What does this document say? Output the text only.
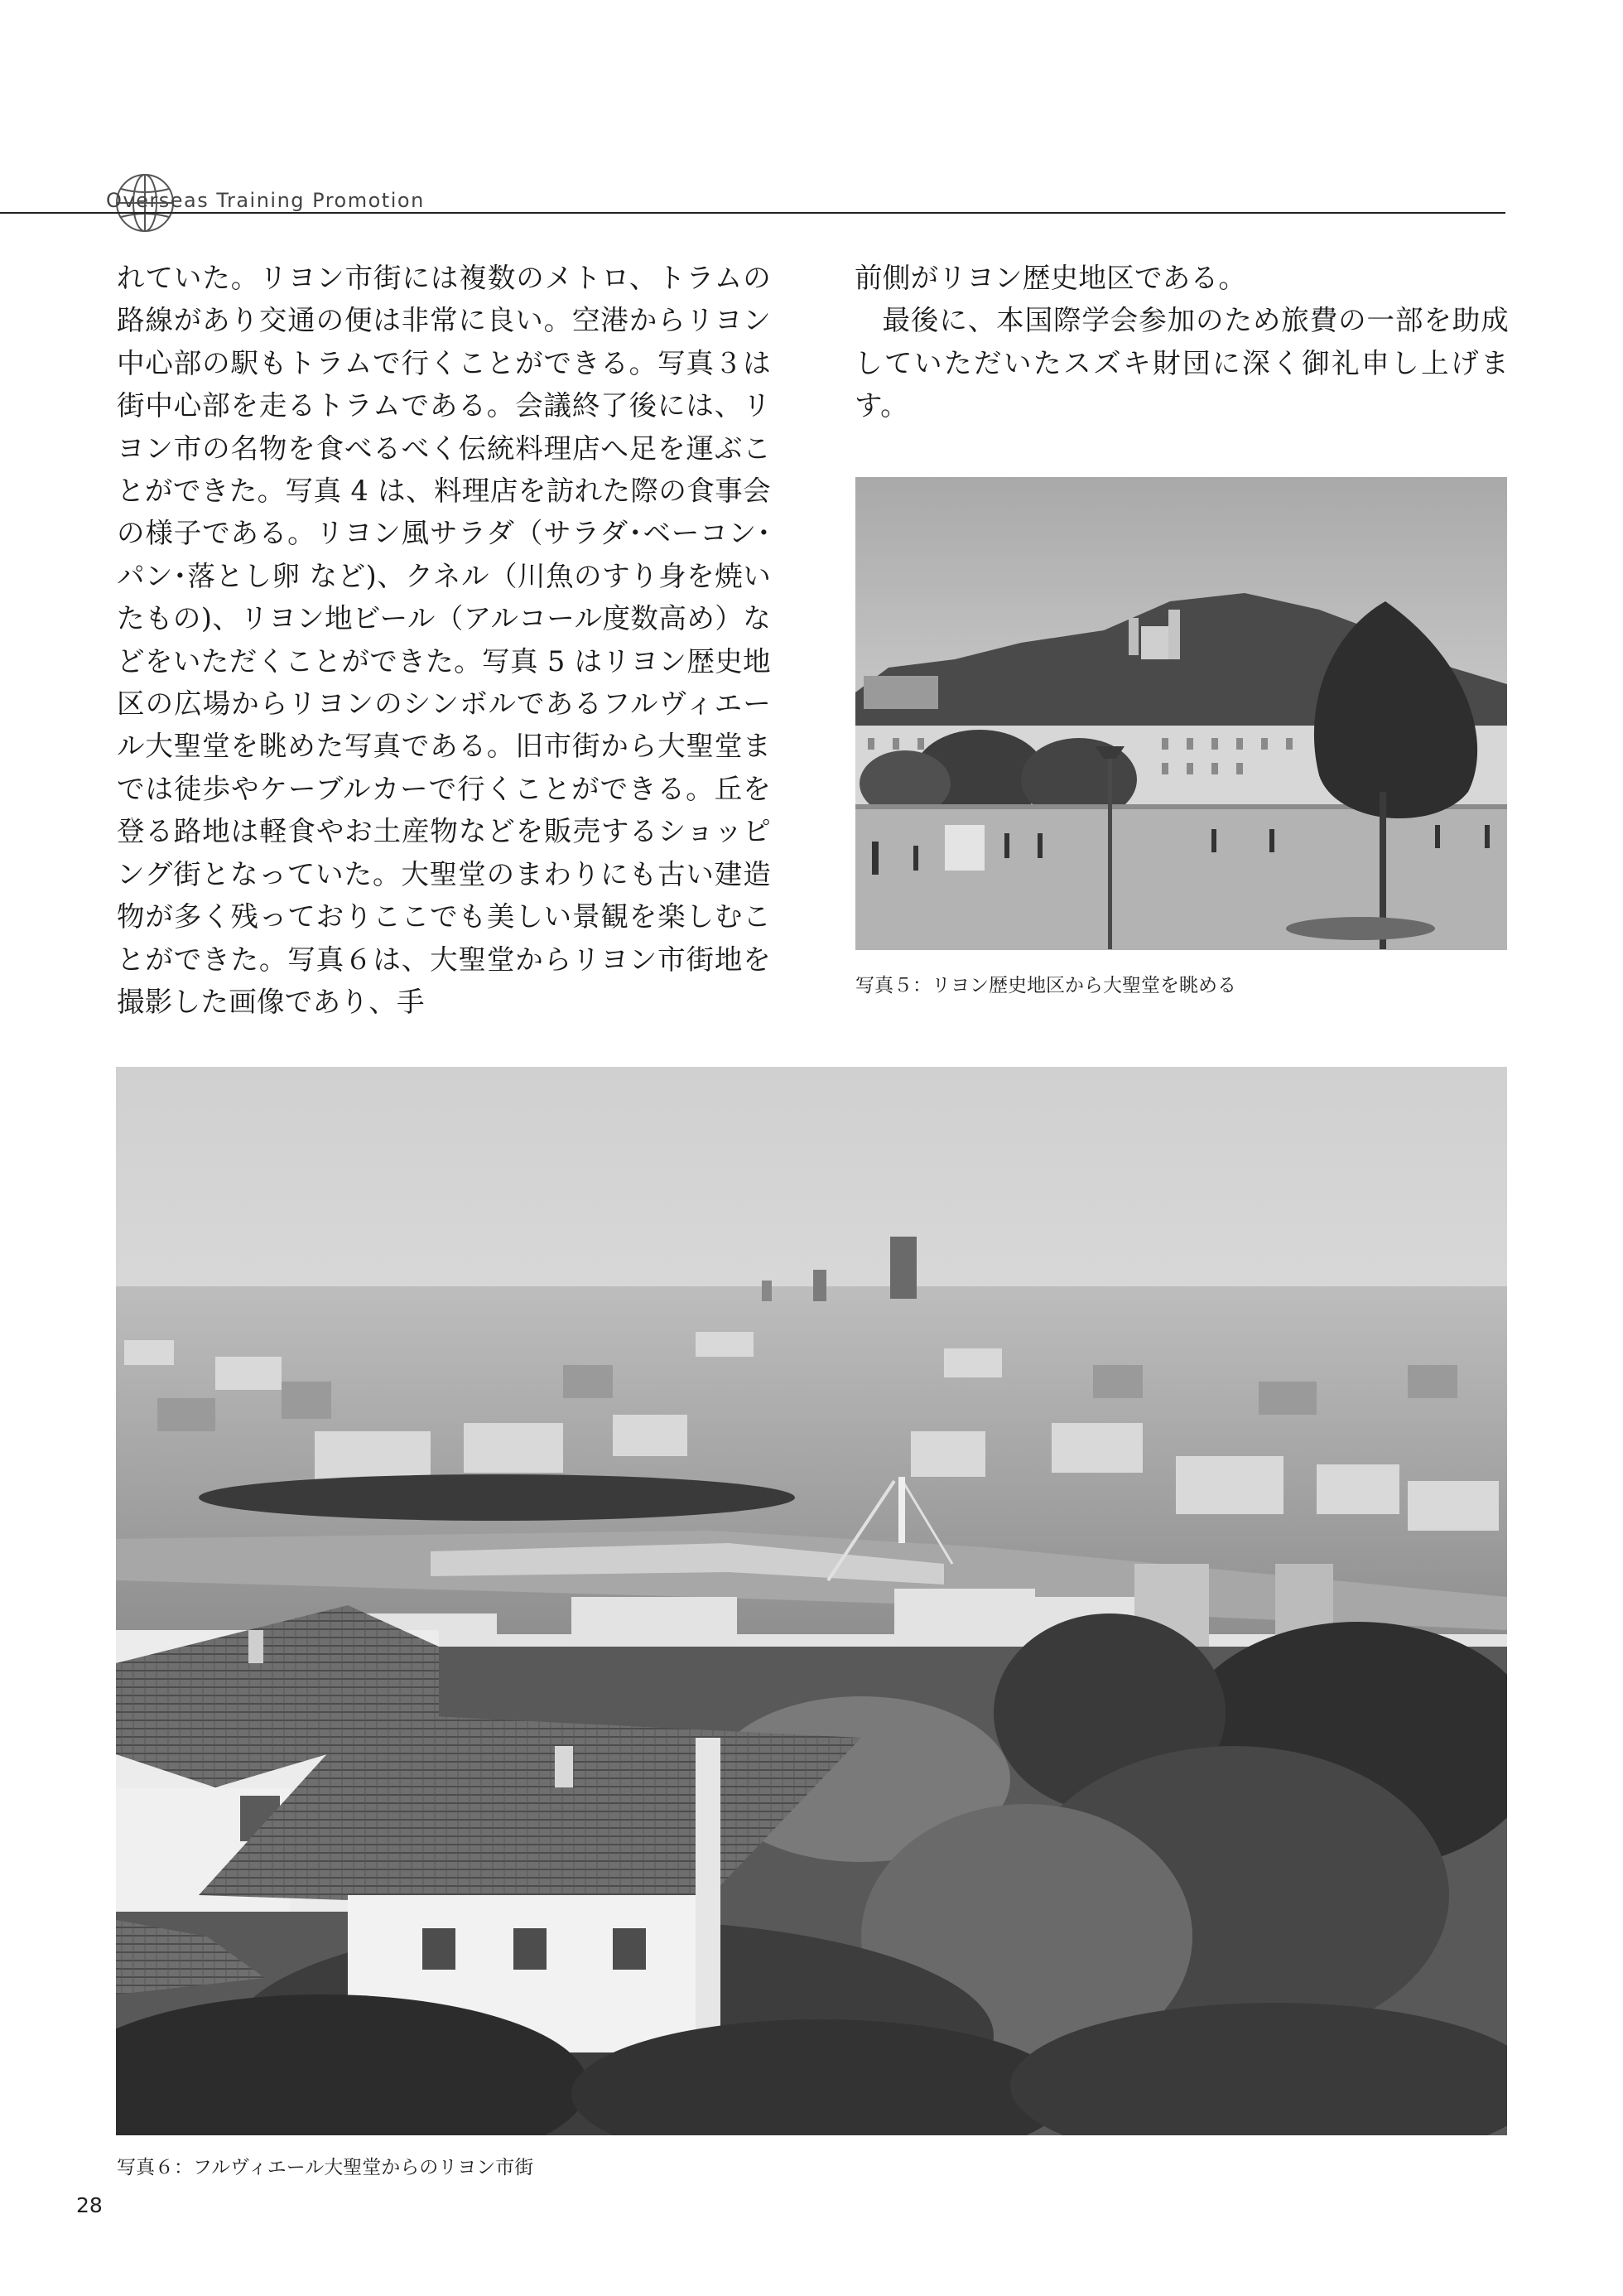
Overseas Training Promotion

れていた。リヨン市街には複数のメトロ、トラムの路線があり交通の便は非常に良い。空港からリヨン中心部の駅もトラムで行くことができる。写真３は街中心部を走るトラムである。会議終了後には、リヨン市の名物を食べるべく伝統料理店へ足を運ぶことができた。写真 4 は、料理店を訪れた際の食事会の様子である。リヨン風サラダ（サラダ･ベーコン･パン･落とし卵 など)、クネル（川魚のすり身を焼いたもの)、リヨン地ビール（アルコール度数高め）などをいただくことができた。写真 5 はリヨン歴史地区の広場からリヨンのシンボルであるフルヴィエール大聖堂を眺めた写真である。旧市街から大聖堂までは徒歩やケーブルカーで行くことができる。丘を登る路地は軽食やお土産物などを販売するショッピング街となっていた。大聖堂のまわりにも古い建造物が多く残っておりここでも美しい景観を楽しむことができた。写真６は、大聖堂からリヨン市街地を撮影した画像であり、手

前側がリヨン歴史地区である。

最後に、本国際学会参加のため旅費の一部を助成していただいたスズキ財団に深く御礼申し上げます。

写真５：リヨン歴史地区から大聖堂を眺める
写真６：フルヴィエール大聖堂からのリヨン市街
28
